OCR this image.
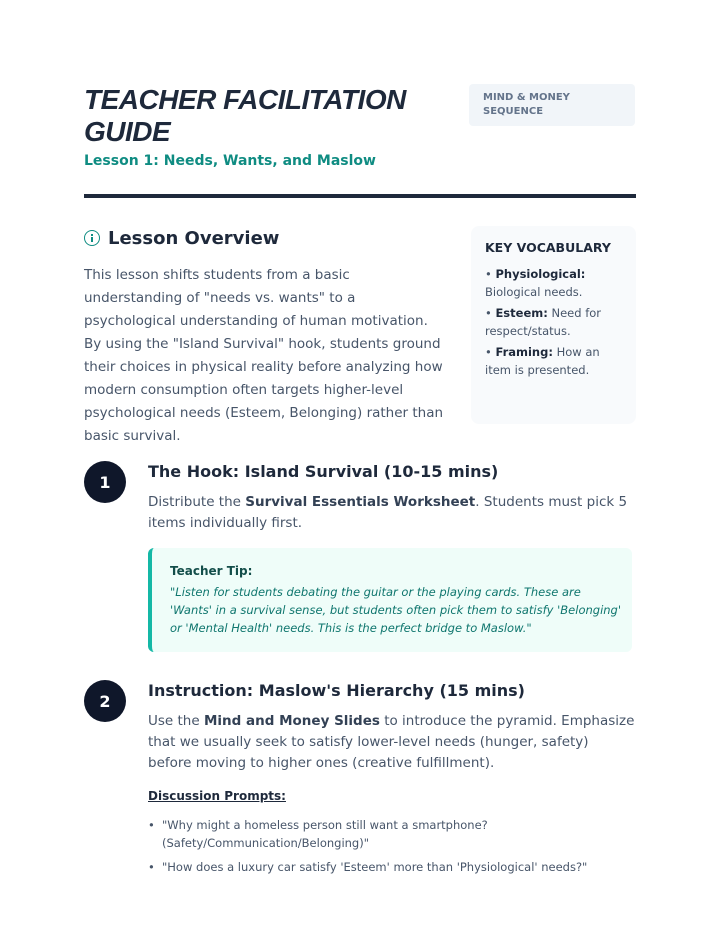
TEACHER FACILITATION GUIDE

Lesson 1: Needs, Wants, and Maslow

MIND & MONEY SEQUENCE
Lesson Overview

This lesson shifts students from a basic understanding of "needs vs. wants" to a psychological understanding of human motivation. By using the "Island Survival" hook, students ground their choices in physical reality before analyzing how modern consumption often targets higher-level psychological needs (Esteem, Belonging) rather than basic survival.

KEY VOCABULARY
• Physiological: Biological needs.
• Esteem: Need for respect/status.
• Framing: How an item is presented.
1
The Hook: Island Survival (10-15 mins)

Distribute the Survival Essentials Worksheet. Students must pick 5 items individually first.

Teacher Tip:

"Listen for students debating the guitar or the playing cards. These are 'Wants' in a survival sense, but students often pick them to satisfy 'Belonging' or 'Mental Health' needs. This is the perfect bridge to Maslow."

2
Instruction: Maslow's Hierarchy (15 mins)

Use the Mind and Money Slides to introduce the pyramid. Emphasize that we usually seek to satisfy lower-level needs (hunger, safety) before moving to higher ones (creative fulfillment).

Discussion Prompts:
• "Why might a homeless person still want a smartphone? (Safety/Communication/Belonging)"
• "How does a luxury car satisfy 'Esteem' more than 'Physiological' needs?"
